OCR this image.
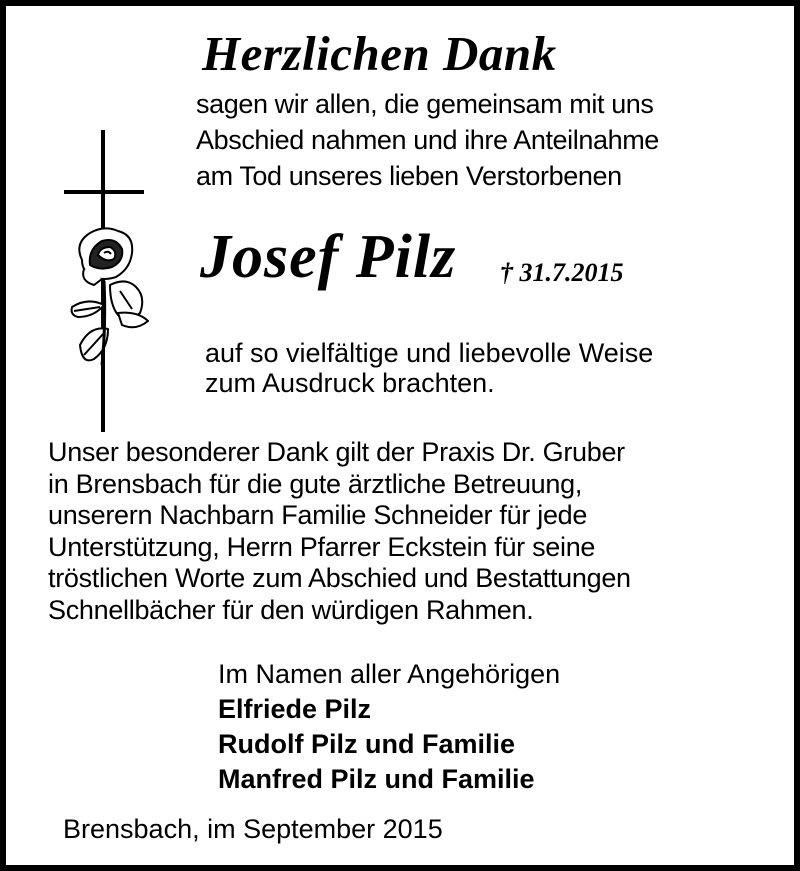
Herzlichen Dank
sagen wir allen, die gemeinsam mit uns
Abschied nahmen und ihre Anteilnahme
am Tod unseres lieben Verstorbenen
Josef Pilz † 31.7.2015
auf so vielfältige und liebevolle Weise
zum Ausdruck brachten.
Unser besonderer Dank gilt der Praxis Dr. Gruber
in Brensbach für die gute ärztliche Betreuung,
unserern Nachbarn Familie Schneider für jede
Unterstützung, Herrn Pfarrer Eckstein für seine
tröstlichen Worte zum Abschied und Bestattungen
Schnellbächer für den würdigen Rahmen.
Im Namen aller Angehörigen
Elfriede Pilz
Rudolf Pilz und Familie
Manfred Pilz und Familie
Brensbach, im September 2015
